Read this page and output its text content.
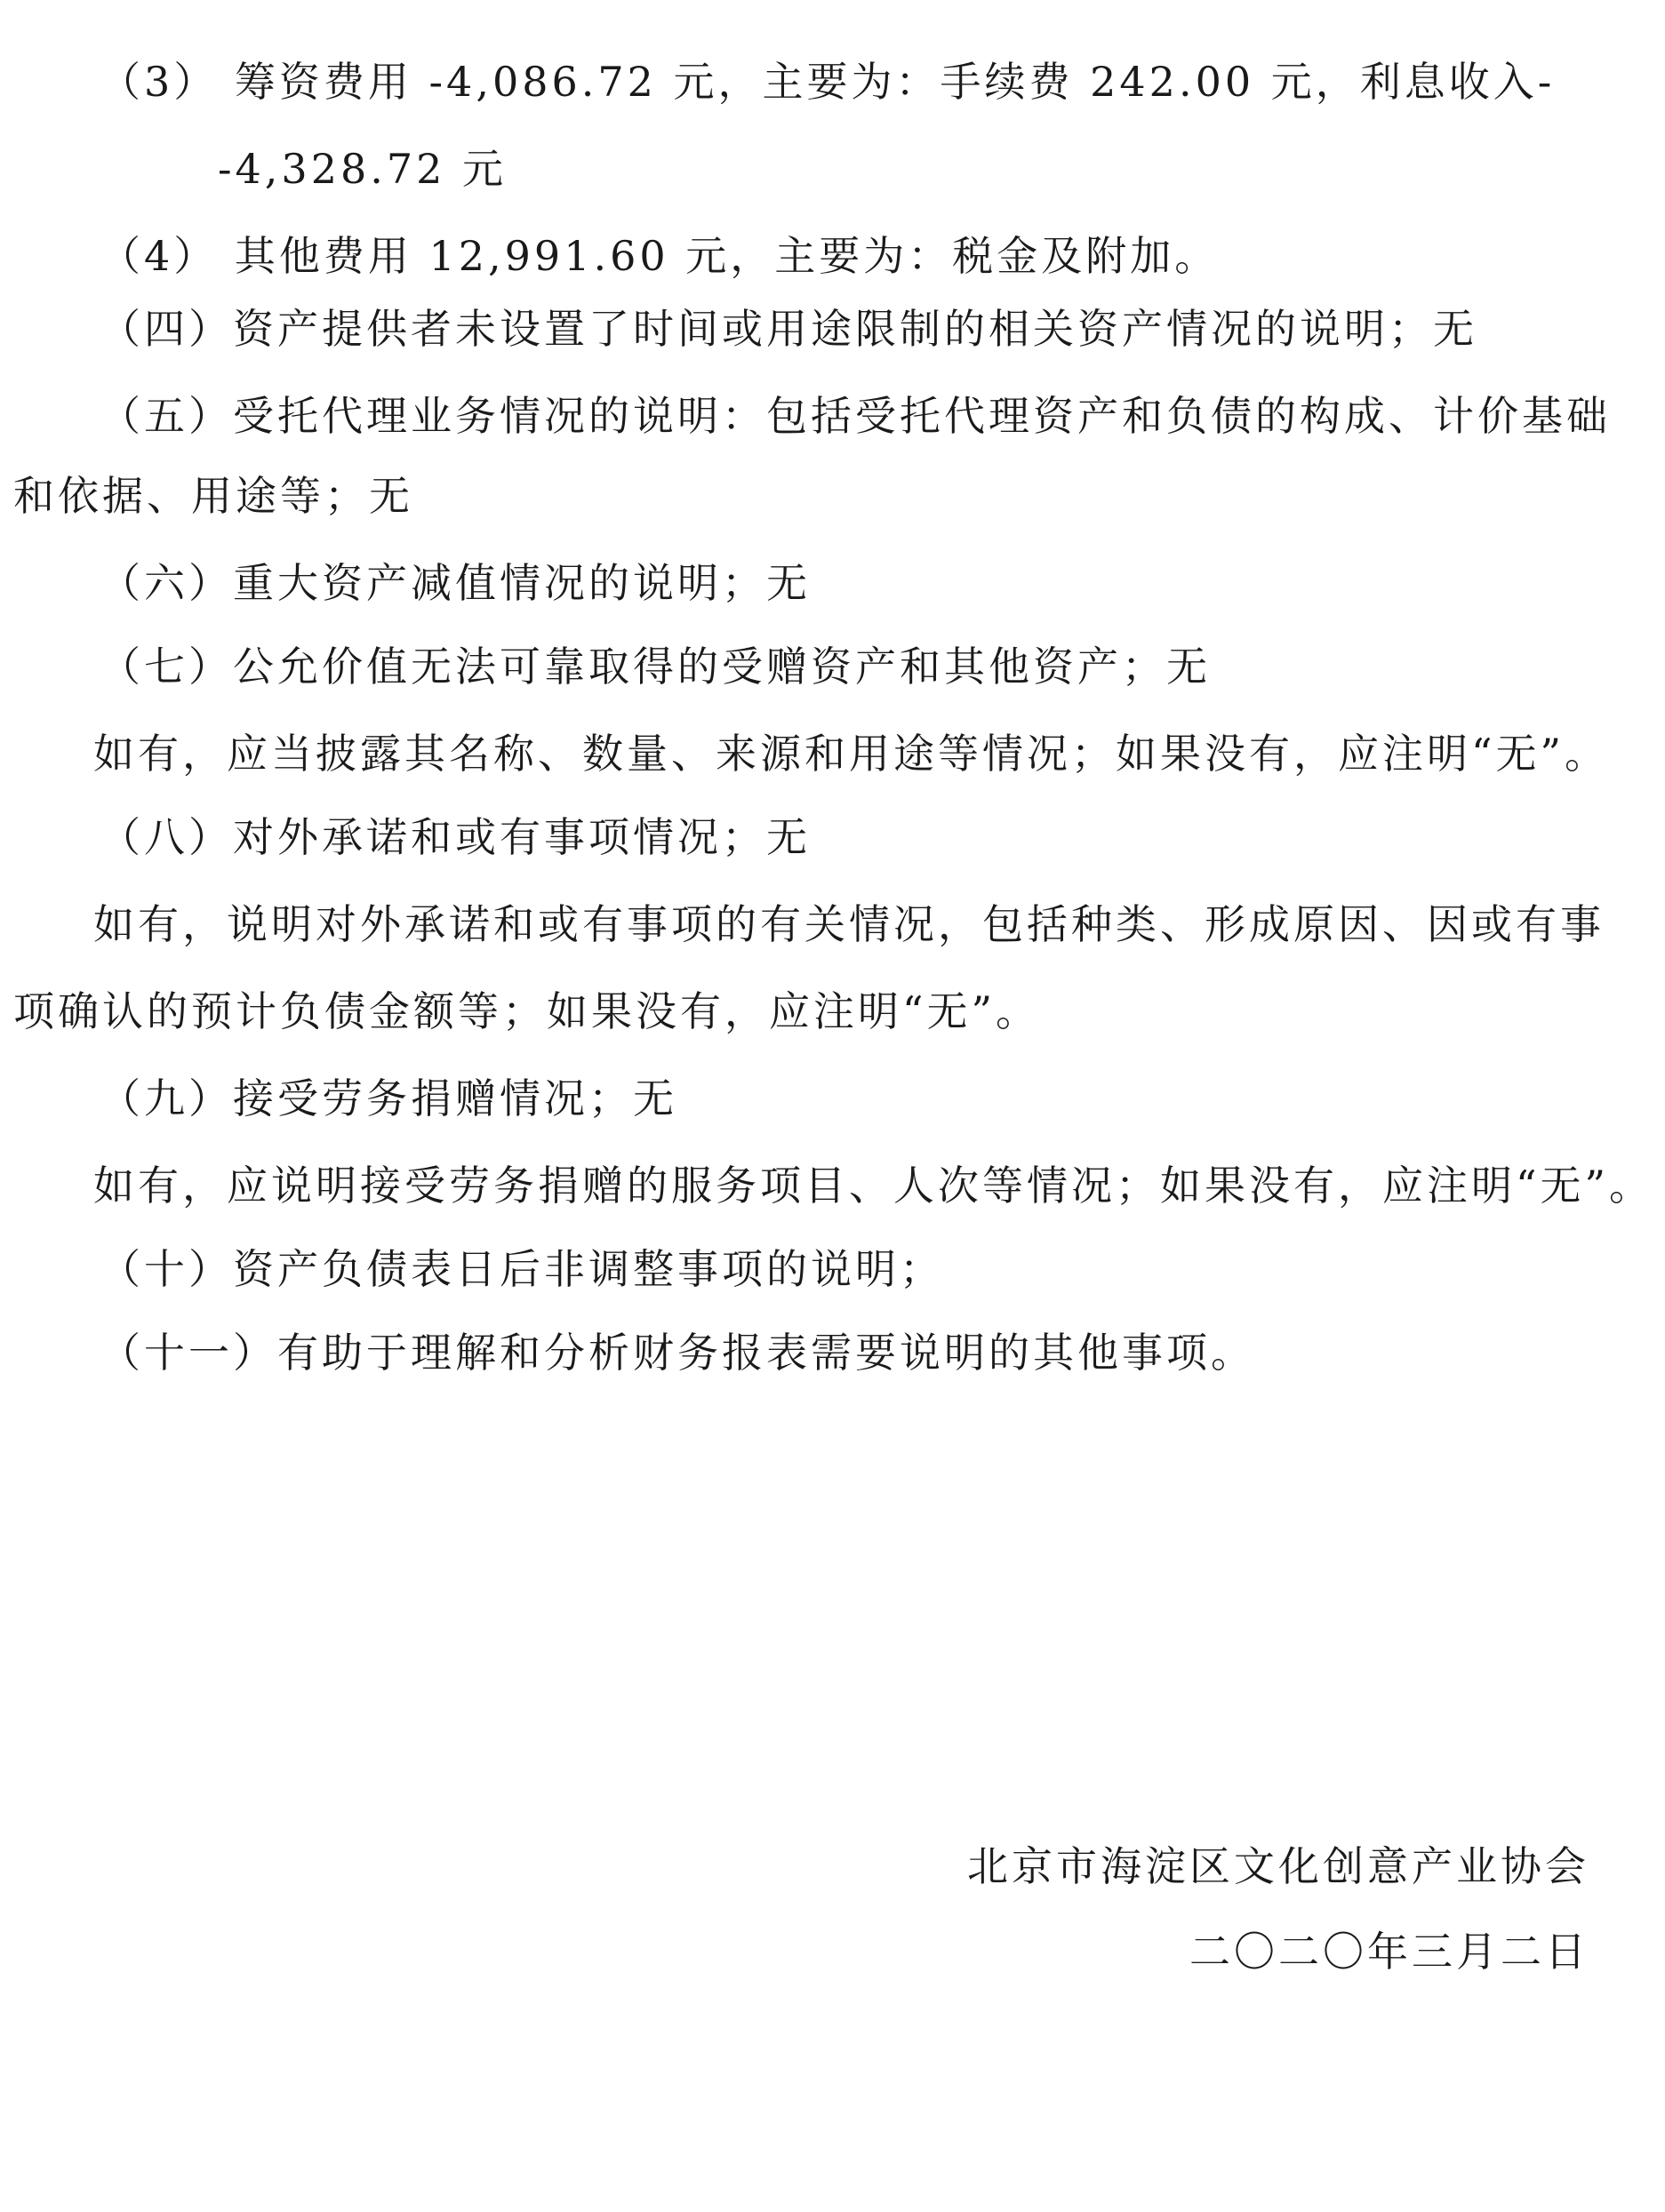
（3） 筹资费用 -4,086.72 元，主要为：手续费 242.00 元，利息收入-
-4,328.72 元
（4） 其他费用 12,991.60 元，主要为：税金及附加。
（四）资产提供者未设置了时间或用途限制的相关资产情况的说明；无
（五）受托代理业务情况的说明：包括受托代理资产和负债的构成、计价基础
和依据、用途等；无
（六）重大资产减值情况的说明；无
（七）公允价值无法可靠取得的受赠资产和其他资产；无
如有，应当披露其名称、数量、来源和用途等情况；如果没有，应注明“无”。
（八）对外承诺和或有事项情况；无
如有，说明对外承诺和或有事项的有关情况，包括种类、形成原因、因或有事
项确认的预计负债金额等；如果没有，应注明“无”。
（九）接受劳务捐赠情况；无
如有，应说明接受劳务捐赠的服务项目、人次等情况；如果没有，应注明“无”。
（十）资产负债表日后非调整事项的说明；
（十一）有助于理解和分析财务报表需要说明的其他事项。
北京市海淀区文化创意产业协会
二〇二〇年三月二日
